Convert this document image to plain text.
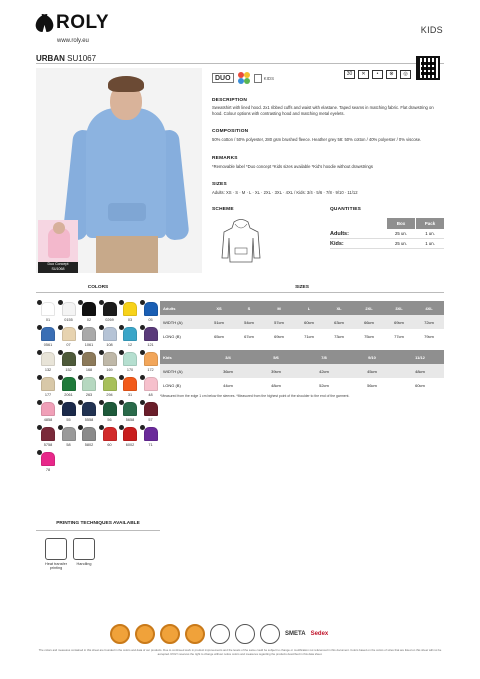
ROLY
www.roly.eu
KIDS
URBAN SU1067
Duo Concept
SU1068
DUO	KIDS
30	✕	•	⊗	◎
DESCRIPTION
Sweatshirt with lined hood. 2x1 ribbed cuffs and waist with elastane. Taped seams in matching fabric. Flat drawstring on hood. Colour options with contrasting hood and matching metal eyelets.
COMPOSITION
50% cotton / 50% polyester, 280 gsm brushed fleece. Heather grey 58: 50% cotton / 40% polyester / 0% viscose.
REMARKS
*Removable label *Duo concept *Kids sizes available *Kid's hoodie without drawstrings
SIZES
Adults: XS · S · M · L · XL · 2XL · 3XL · 4XL / Kids: 3/4 · 5/6 · 7/8 · 9/10 · 11/12
SCHEME	QUANTITIES
Box	Pack
Adults:	25 un.	1 un.
Kids:	25 un.	1 un.
COLORS	SIZES
01	0155	02	0269	03	05
0561	07	1061	108	12	121
132	152	168	169	170	172
177	2061	263	294	31	48
4858	55	5558	56	5658	57
5758	58	5802	60	6002	71
78
Adults	XS	S	M	L	XL	2XL	3XL	4XL
WIDTH (A)	51cm	54cm	57cm	60cm	63cm	66cm	69cm	72cm
LONG (B)	65cm	67cm	69cm	71cm	73cm	75cm	77cm	79cm
Kids	3/4	5/6	7/8	9/10	11/12
WIDTH (A)	36cm	39cm	42cm	45cm	48cm
LONG (B)	44cm	48cm	52cm	56cm	60cm
*Measured from the edge 1 cm below the sleeves. *Measured from the highest point of the shoulder to the end of the garment.
PRINTING TECHNIQUES AVAILABLE
Heat transfer printing
Handling
SMETA Sedex
The colors and measures contained in this sheet are founded in the colors and data of our products. Due to continued work in product improvements and the levels of the same could be subject to change or modification not referenced in this document. Colors based on the colors of sizes that are listed on this sheet will not be accepted. ROLY reserves the right to change without notice colors and measures regarding the products described in this data sheet.
